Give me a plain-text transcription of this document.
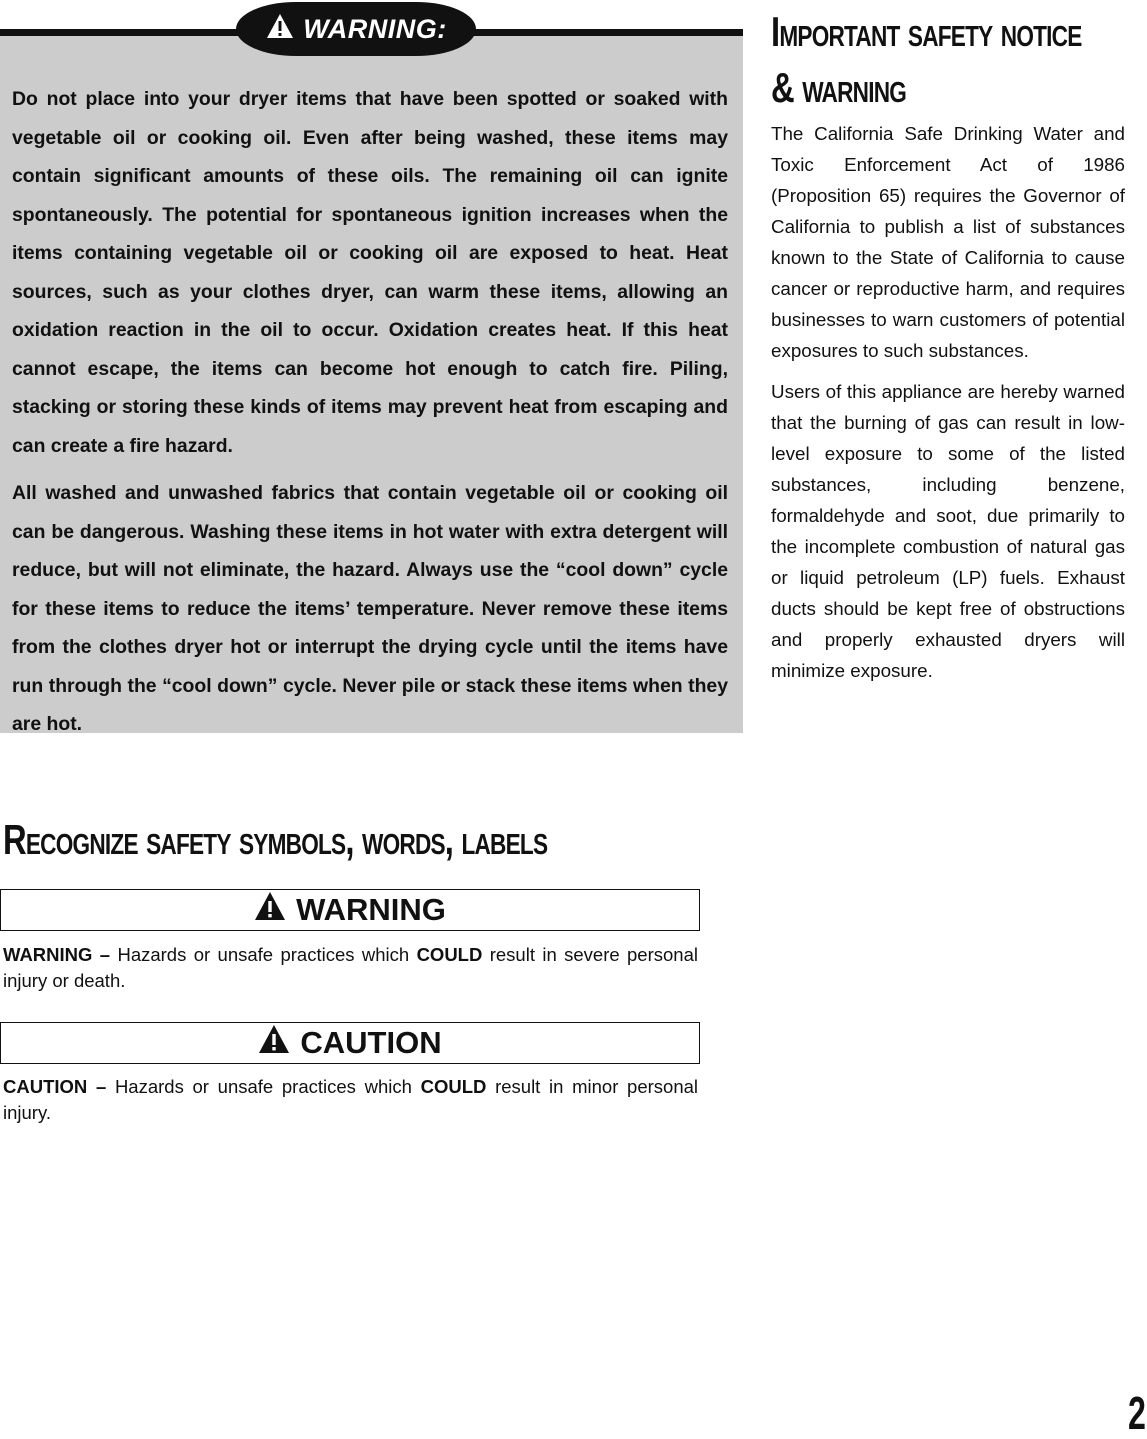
WARNING:

Do not place into your dryer items that have been spotted or soaked with vegetable oil or cooking oil. Even after being washed, these items may contain significant amounts of these oils. The remaining oil can ignite spontaneously. The potential for spontaneous ignition increases when the items containing vegetable oil or cooking oil are exposed to heat. Heat sources, such as your clothes dryer, can warm these items, allowing an oxidation reaction in the oil to occur. Oxidation creates heat. If this heat cannot escape, the items can become hot enough to catch fire. Piling, stacking or storing these kinds of items may prevent heat from escaping and can create a fire hazard.

All washed and unwashed fabrics that contain vegetable oil or cooking oil can be dangerous. Washing these items in hot water with extra detergent will reduce, but will not eliminate, the hazard. Always use the “cool down” cycle for these items to reduce the items’ temperature. Never remove these items from the clothes dryer hot or interrupt the drying cycle until the items have run through the “cool down” cycle. Never pile or stack these items when they are hot.

Important safety notice
& warning

The California Safe Drinking Water and Toxic Enforcement Act of 1986 (Proposition 65) requires the Governor of California to publish a list of substances known to the State of California to cause cancer or reproductive harm, and requires businesses to warn customers of potential exposures to such substances.

Users of this appliance are hereby warned that the burning of gas can result in low-level exposure to some of the listed substances, including benzene, formaldehyde and soot, due primarily to the incomplete combustion of natural gas or liquid petroleum (LP) fuels. Exhaust ducts should be kept free of obstructions and properly exhausted dryers will minimize exposure.

Recognize safety symbols, words, labels
WARNING
WARNING – Hazards or unsafe practices which COULD result in severe personal injury or death.
CAUTION
CAUTION – Hazards or unsafe practices which COULD result in minor personal injury.
2
